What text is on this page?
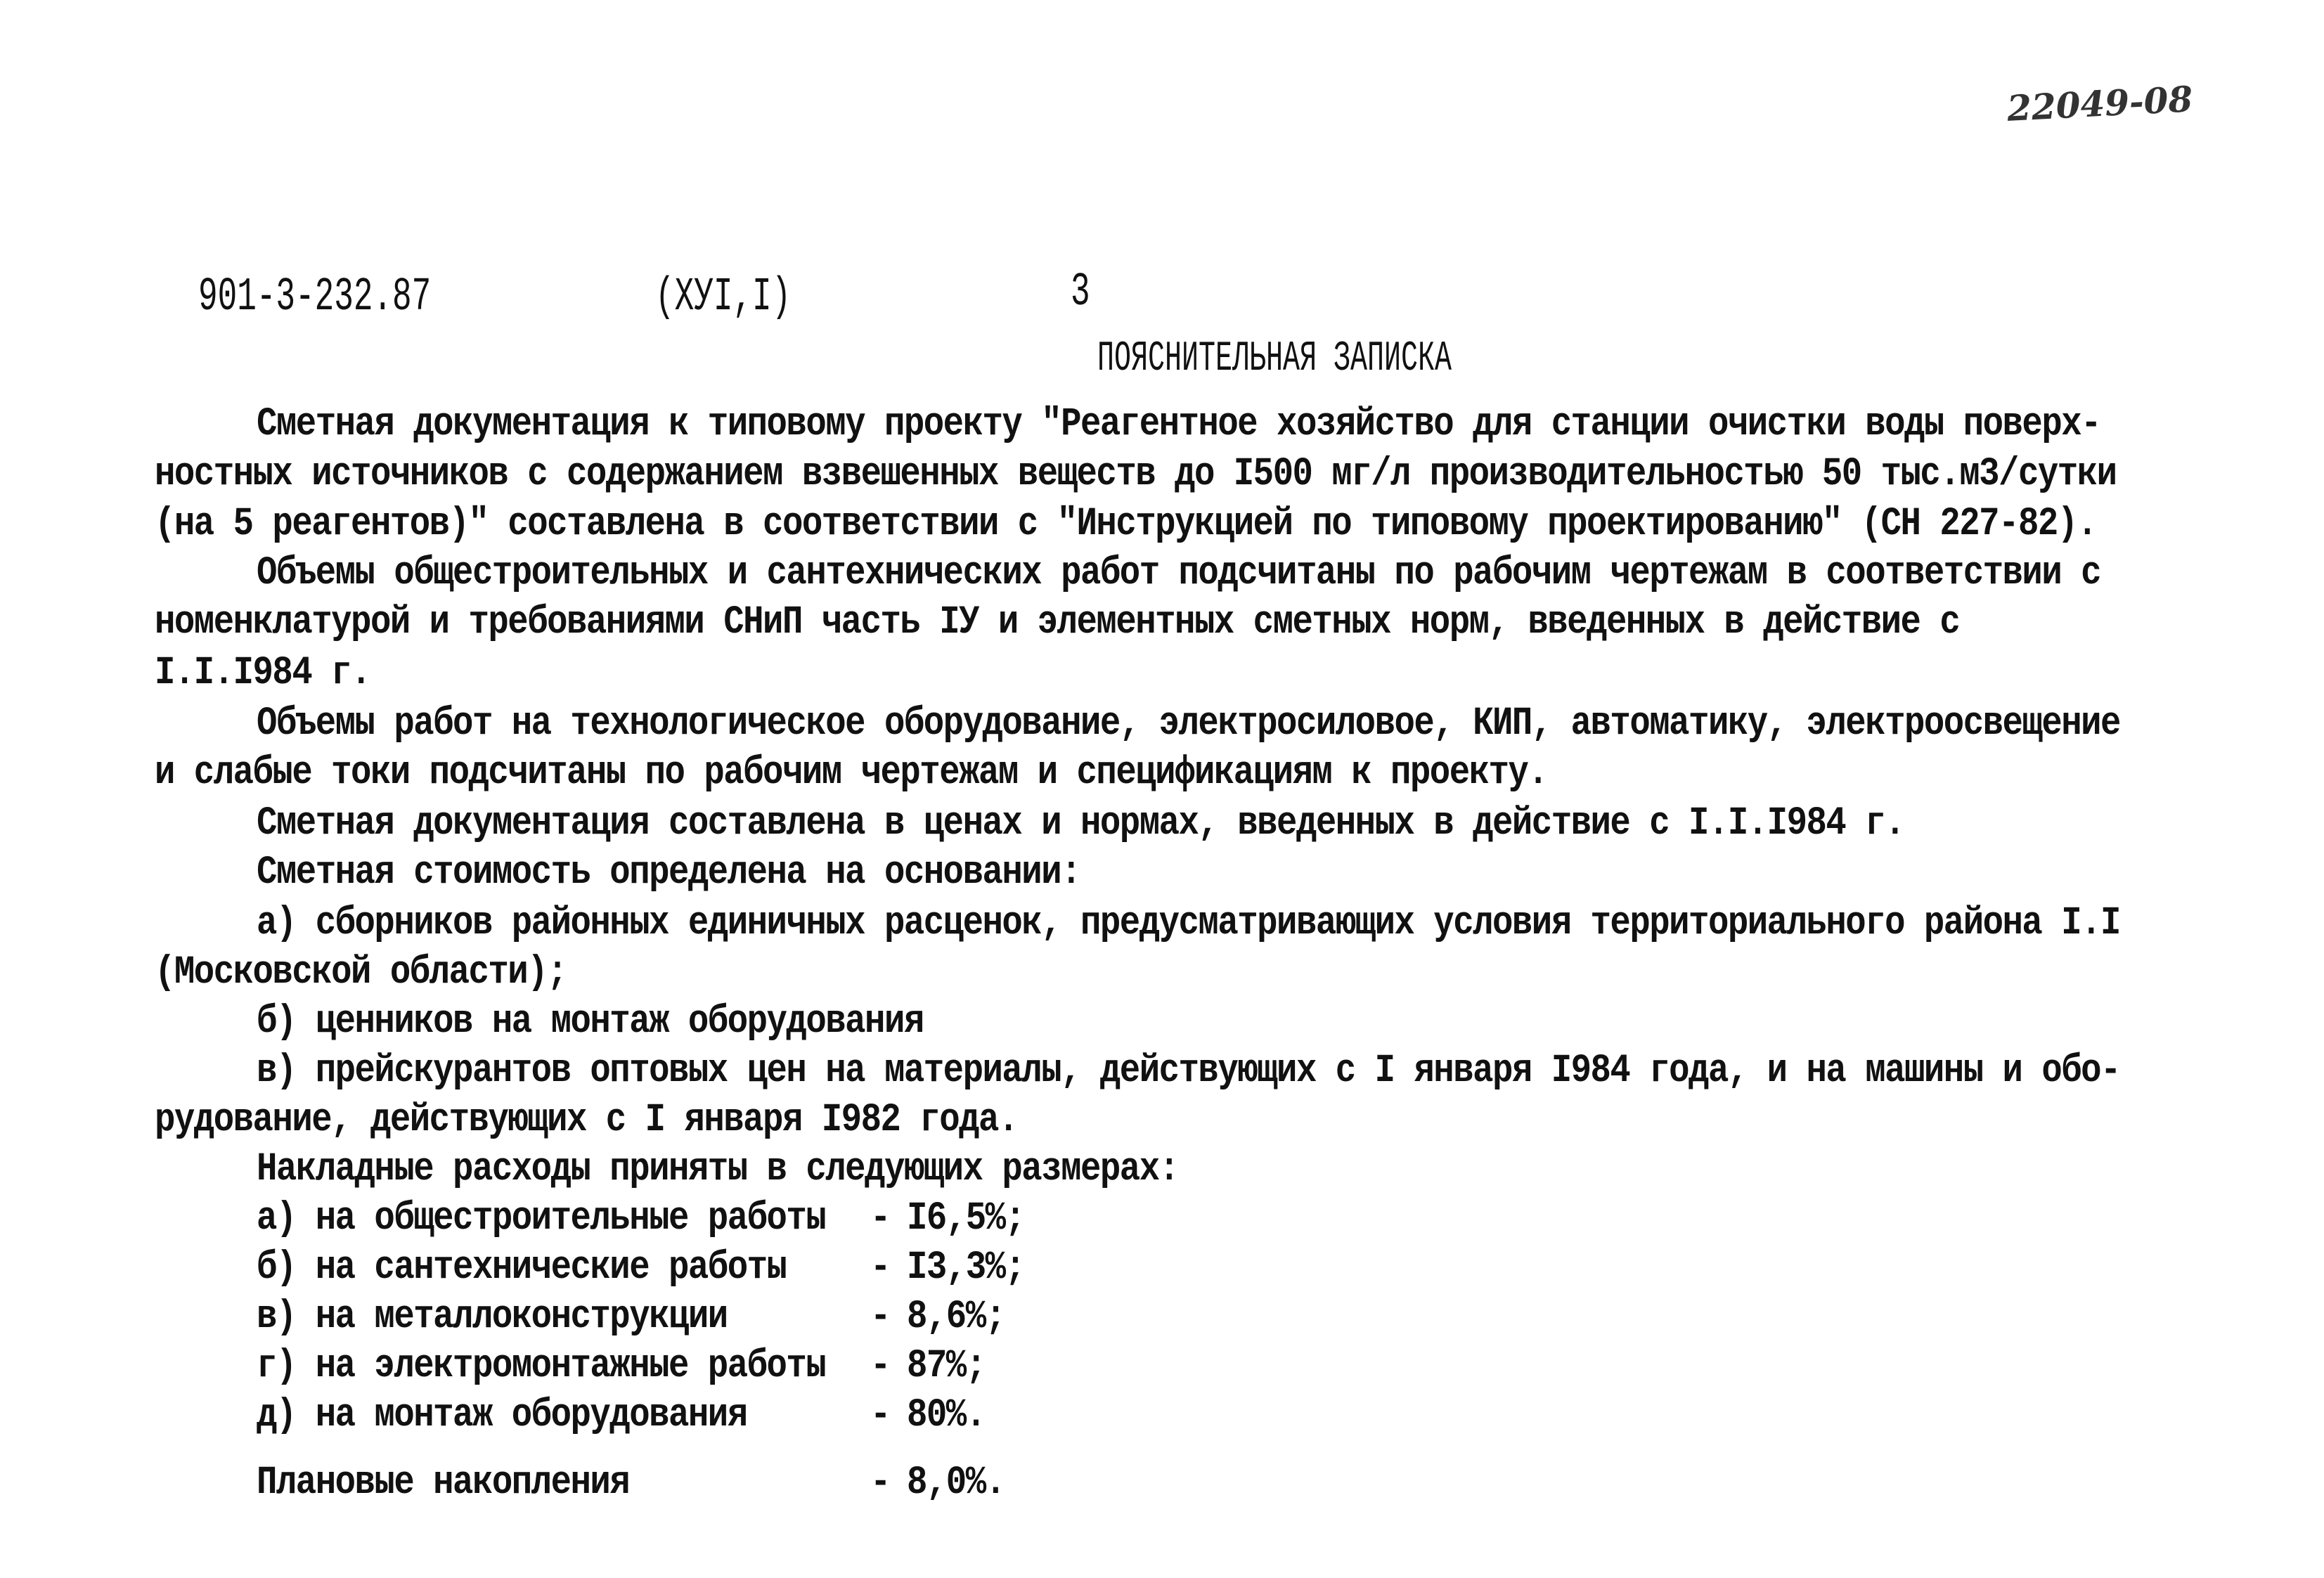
22049-08
901-3-232.87	(XУI,I)	3
ПОЯСНИТЕЛЬНАЯ ЗАПИСКА
Сметная документация к типовому проекту "Реагентное хозяйство для станции очистки воды поверх-
ностных источников с содержанием взвешенных веществ до I500 мг/л производительностью 50 тыс.м3/сутки
(на 5 реагентов)" составлена в соответствии с "Инструкцией по типовому проектированию" (СН 227-82).
Объемы общестроительных и сантехнических работ подсчитаны по рабочим чертежам в соответствии с
номенклатурой и требованиями СНиП часть IУ и элементных сметных норм, введенных в действие с
I.I.I984 г.
Объемы работ на технологическое оборудование, электросиловое, КИП, автоматику, электроосвещение
и слабые токи подсчитаны по рабочим чертежам и спецификациям к проекту.
Сметная документация составлена в ценах и нормах, введенных в действие с I.I.I984 г.
Сметная стоимость определена на основании:
а) сборников районных единичных расценок, предусматривающих условия территориального района I.I
(Московской области);
б) ценников на монтаж оборудования
в) прейскурантов оптовых цен на материалы, действующих с I января I984 года, и на машины и обо-
рудование, действующих с I января I982 года.
Накладные расходы приняты в следующих размерах:
а) на общестроительные работы - I6,5%;
б) на сантехнические работы - I3,3%;
в) на металлоконструкции	- 8,6%;
г) на электромонтажные работы - 87%;
д) на монтаж оборудования	- 80%.
Плановые накопления	- 8,0%.
